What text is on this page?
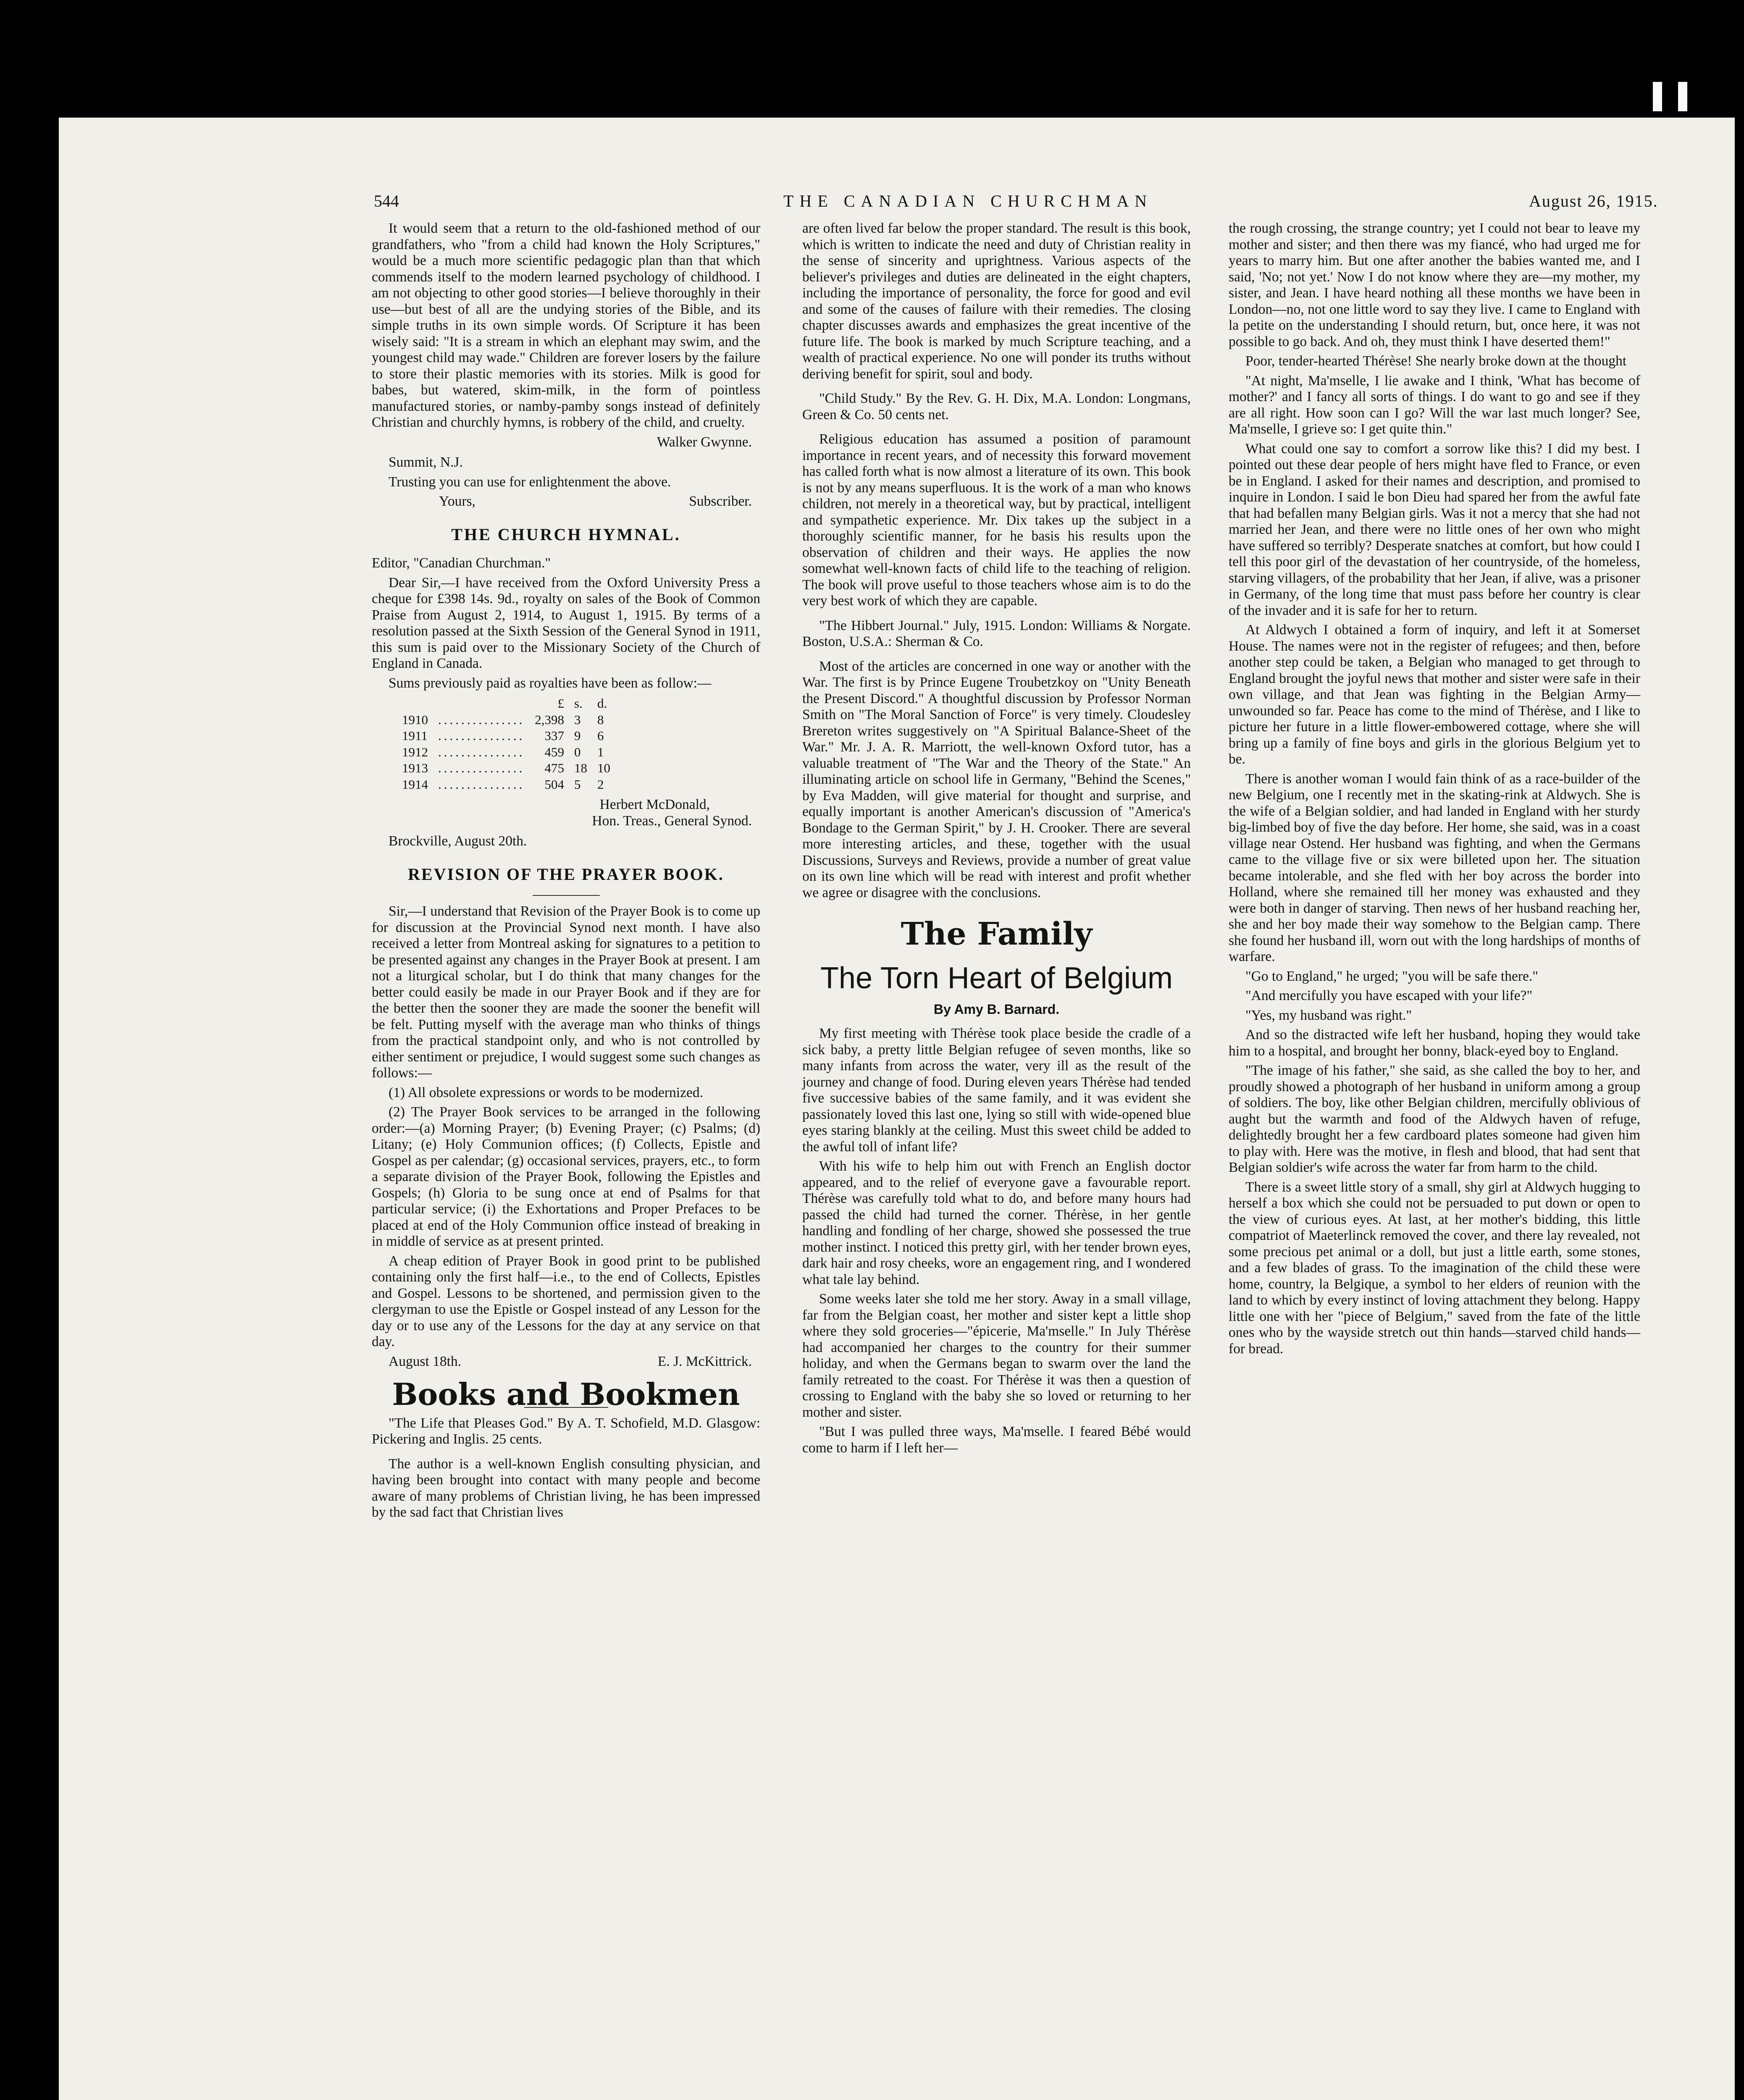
544	THE CANADIAN CHURCHMAN	August 26, 1915.

It would seem that a return to the old-fashioned method of our grandfathers, who "from a child had known the Holy Scriptures," would be a much more scientific pedagogic plan than that which commends itself to the modern learned psychology of childhood. I am not objecting to other good stories—I believe thoroughly in their use—but best of all are the undying stories of the Bible, and its simple truths in its own simple words. Of Scripture it has been wisely said: "It is a stream in which an elephant may swim, and the youngest child may wade." Children are forever losers by the failure to store their plastic memories with its stories. Milk is good for babes, but watered, skim-milk, in the form of pointless manufactured stories, or namby-pamby songs instead of definitely Christian and churchly hymns, is robbery of the child, and cruelty.

Walker Gwynne.

Summit, N.J.

Trusting you can use for enlightenment the above.

Yours,	Subscriber.
THE CHURCH HYMNAL.

Editor, "Canadian Churchman."

Dear Sir,—I have received from the Oxford University Press a cheque for £398 14s. 9d., royalty on sales of the Book of Common Praise from August 2, 1914, to August 1, 1915. By terms of a resolution passed at the Sixth Session of the General Synod in 1911, this sum is paid over to the Missionary Society of the Church of England in Canada.

Sums previously paid as royalties have been as follow:—

		£	s.	d.
1910	...............	2,398	3	8
1911	...............	337	9	6
1912	...............	459	0	1
1913	...............	475	18	10
1914	...............	504	5	2
Herbert McDonald,
Hon. Treas., General Synod.

Brockville, August 20th.

REVISION OF THE PRAYER BOOK.

Sir,—I understand that Revision of the Prayer Book is to come up for discussion at the Provincial Synod next month. I have also received a letter from Montreal asking for signatures to a petition to be presented against any changes in the Prayer Book at present. I am not a liturgical scholar, but I do think that many changes for the better could easily be made in our Prayer Book and if they are for the better then the sooner they are made the sooner the benefit will be felt. Putting myself with the average man who thinks of things from the practical standpoint only, and who is not controlled by either sentiment or prejudice, I would suggest some such changes as follows:—

(1) All obsolete expressions or words to be modernized.

(2) The Prayer Book services to be arranged in the following order:—(a) Morning Prayer; (b) Evening Prayer; (c) Psalms; (d) Litany; (e) Holy Communion offices; (f) Collects, Epistle and Gospel as per calendar; (g) occasional services, prayers, etc., to form a separate division of the Prayer Book, following the Epistles and Gospels; (h) Gloria to be sung once at end of Psalms for that particular service; (i) the Exhortations and Proper Prefaces to be placed at end of the Holy Communion office instead of breaking in in middle of service as at present printed.

A cheap edition of Prayer Book in good print to be published containing only the first half—i.e., to the end of Collects, Epistles and Gospel. Lessons to be shortened, and permission given to the clergyman to use the Epistle or Gospel instead of any Lesson for the day or to use any of the Lessons for the day at any service on that day.

August 18th.	E. J. McKittrick.
Books and Bookmen

"The Life that Pleases God." By A. T. Schofield, M.D. Glasgow: Pickering and Inglis. 25 cents.

The author is a well-known English consulting physician, and having been brought into contact with many people and become aware of many problems of Christian living, he has been impressed by the sad fact that Christian lives

are often lived far below the proper standard. The result is this book, which is written to indicate the need and duty of Christian reality in the sense of sincerity and uprightness. Various aspects of the believer's privileges and duties are delineated in the eight chapters, including the importance of personality, the force for good and evil and some of the causes of failure with their remedies. The closing chapter discusses awards and emphasizes the great incentive of the future life. The book is marked by much Scripture teaching, and a wealth of practical experience. No one will ponder its truths without deriving benefit for spirit, soul and body.

"Child Study." By the Rev. G. H. Dix, M.A. London: Longmans, Green & Co. 50 cents net.

Religious education has assumed a position of paramount importance in recent years, and of necessity this forward movement has called forth what is now almost a literature of its own. This book is not by any means superfluous. It is the work of a man who knows children, not merely in a theoretical way, but by practical, intelligent and sympathetic experience. Mr. Dix takes up the subject in a thoroughly scientific manner, for he basis his results upon the observation of children and their ways. He applies the now somewhat well-known facts of child life to the teaching of religion. The book will prove useful to those teachers whose aim is to do the very best work of which they are capable.

"The Hibbert Journal." July, 1915. London: Williams & Norgate. Boston, U.S.A.: Sherman & Co.

Most of the articles are concerned in one way or another with the War. The first is by Prince Eugene Troubetzkoy on "Unity Beneath the Present Discord." A thoughtful discussion by Professor Norman Smith on "The Moral Sanction of Force" is very timely. Cloudesley Brereton writes suggestively on "A Spiritual Balance-Sheet of the War." Mr. J. A. R. Marriott, the well-known Oxford tutor, has a valuable treatment of "The War and the Theory of the State." An illuminating article on school life in Germany, "Behind the Scenes," by Eva Madden, will give material for thought and surprise, and equally important is another American's discussion of "America's Bondage to the German Spirit," by J. H. Crooker. There are several more interesting articles, and these, together with the usual Discussions, Surveys and Reviews, provide a number of great value on its own line which will be read with interest and profit whether we agree or disagree with the conclusions.

The Family
The Torn Heart of Belgium
By Amy B. Barnard.

My first meeting with Thérèse took place beside the cradle of a sick baby, a pretty little Belgian refugee of seven months, like so many infants from across the water, very ill as the result of the journey and change of food. During eleven years Thérèse had tended five successive babies of the same family, and it was evident she passionately loved this last one, lying so still with wide-opened blue eyes staring blankly at the ceiling. Must this sweet child be added to the awful toll of infant life?

With his wife to help him out with French an English doctor appeared, and to the relief of everyone gave a favourable report. Thérèse was carefully told what to do, and before many hours had passed the child had turned the corner. Thérèse, in her gentle handling and fondling of her charge, showed she possessed the true mother instinct. I noticed this pretty girl, with her tender brown eyes, dark hair and rosy cheeks, wore an engagement ring, and I wondered what tale lay behind.

Some weeks later she told me her story. Away in a small village, far from the Belgian coast, her mother and sister kept a little shop where they sold groceries—"épicerie, Ma'mselle." In July Thérèse had accompanied her charges to the country for their summer holiday, and when the Germans began to swarm over the land the family retreated to the coast. For Thérèse it was then a question of crossing to England with the baby she so loved or returning to her mother and sister.

"But I was pulled three ways, Ma'mselle. I feared Bébé would come to harm if I left her—

the rough crossing, the strange country; yet I could not bear to leave my mother and sister; and then there was my fiancé, who had urged me for years to marry him. But one after another the babies wanted me, and I said, 'No; not yet.' Now I do not know where they are—my mother, my sister, and Jean. I have heard nothing all these months we have been in London—no, not one little word to say they live. I came to England with la petite on the understanding I should return, but, once here, it was not possible to go back. And oh, they must think I have deserted them!"

Poor, tender-hearted Thérèse! She nearly broke down at the thought

"At night, Ma'mselle, I lie awake and I think, 'What has become of mother?' and I fancy all sorts of things. I do want to go and see if they are all right. How soon can I go? Will the war last much longer? See, Ma'mselle, I grieve so: I get quite thin."

What could one say to comfort a sorrow like this? I did my best. I pointed out these dear people of hers might have fled to France, or even be in England. I asked for their names and description, and promised to inquire in London. I said le bon Dieu had spared her from the awful fate that had befallen many Belgian girls. Was it not a mercy that she had not married her Jean, and there were no little ones of her own who might have suffered so terribly? Desperate snatches at comfort, but how could I tell this poor girl of the devastation of her countryside, of the homeless, starving villagers, of the probability that her Jean, if alive, was a prisoner in Germany, of the long time that must pass before her country is clear of the invader and it is safe for her to return.

At Aldwych I obtained a form of inquiry, and left it at Somerset House. The names were not in the register of refugees; and then, before another step could be taken, a Belgian who managed to get through to England brought the joyful news that mother and sister were safe in their own village, and that Jean was fighting in the Belgian Army—unwounded so far. Peace has come to the mind of Thérèse, and I like to picture her future in a little flower-embowered cottage, where she will bring up a family of fine boys and girls in the glorious Belgium yet to be.

There is another woman I would fain think of as a race-builder of the new Belgium, one I recently met in the skating-rink at Aldwych. She is the wife of a Belgian soldier, and had landed in England with her sturdy big-limbed boy of five the day before. Her home, she said, was in a coast village near Ostend. Her husband was fighting, and when the Germans came to the village five or six were billeted upon her. The situation became intolerable, and she fled with her boy across the border into Holland, where she remained till her money was exhausted and they were both in danger of starving. Then news of her husband reaching her, she and her boy made their way somehow to the Belgian camp. There she found her husband ill, worn out with the long hardships of months of warfare.

"Go to England," he urged; "you will be safe there."

"And mercifully you have escaped with your life?"

"Yes, my husband was right."

And so the distracted wife left her husband, hoping they would take him to a hospital, and brought her bonny, black-eyed boy to England.

"The image of his father," she said, as she called the boy to her, and proudly showed a photograph of her husband in uniform among a group of soldiers. The boy, like other Belgian children, mercifully oblivious of aught but the warmth and food of the Aldwych haven of refuge, delightedly brought her a few cardboard plates someone had given him to play with. Here was the motive, in flesh and blood, that had sent that Belgian soldier's wife across the water far from harm to the child.

There is a sweet little story of a small, shy girl at Aldwych hugging to herself a box which she could not be persuaded to put down or open to the view of curious eyes. At last, at her mother's bidding, this little compatriot of Maeterlinck removed the cover, and there lay revealed, not some precious pet animal or a doll, but just a little earth, some stones, and a few blades of grass. To the imagination of the child these were home, country, la Belgique, a symbol to her elders of reunion with the land to which by every instinct of loving attachment they belong. Happy little one with her "piece of Belgium," saved from the fate of the little ones who by the wayside stretch out thin hands—starved child hands—for bread.
